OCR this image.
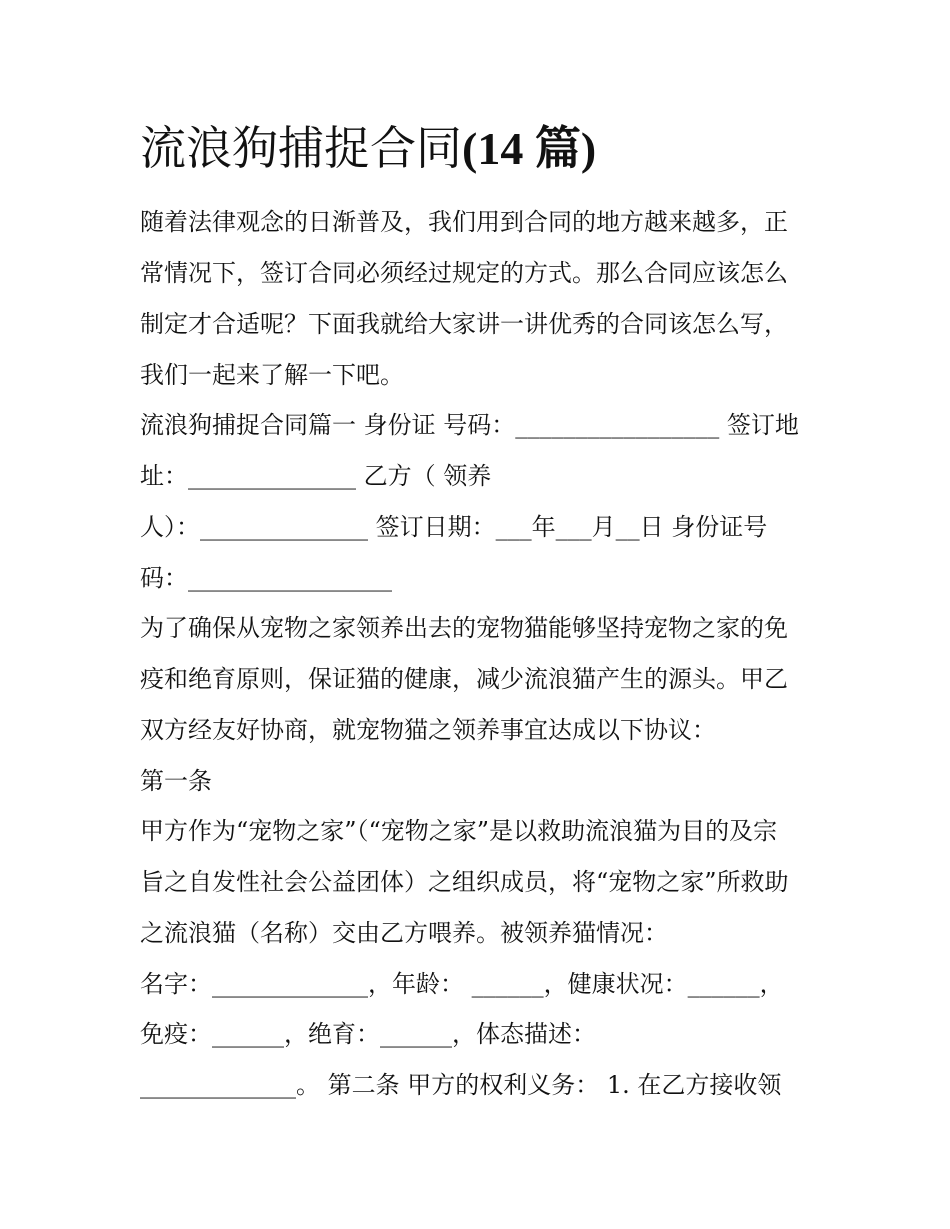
流浪狗捕捉合同(14 篇)
随着法律观念的日渐普及，我们用到合同的地方越来越多，正
常情况下，签订合同必须经过规定的方式。那么合同应该怎么
制定才合适呢？下面我就给大家讲一讲优秀的合同该怎么写，
我们一起来了解一下吧。
流浪狗捕捉合同篇一 身份证 号码：_________________ 签订地
址：______________ 乙方（ 领养
人）：______________ 签订日期：___年___月__日 身份证号
码：_________________
为了确保从宠物之家领养出去的宠物猫能够坚持宠物之家的免
疫和绝育原则，保证猫的健康，减少流浪猫产生的源头。甲乙
双方经友好协商，就宠物猫之领养事宜达成以下协议：
第一条
甲方作为“宠物之家”（“宠物之家”是以救助流浪猫为目的及宗
旨之自发性社会公益团体）之组织成员，将“宠物之家”所救助
之流浪猫（名称）交由乙方喂养。被领养猫情况：
名字：_____________，年龄： ______，健康状况：______，
免疫：______，绝育：______，体态描述：
_____________。 第二条 甲方的权利义务： 1. 在乙方接收领
